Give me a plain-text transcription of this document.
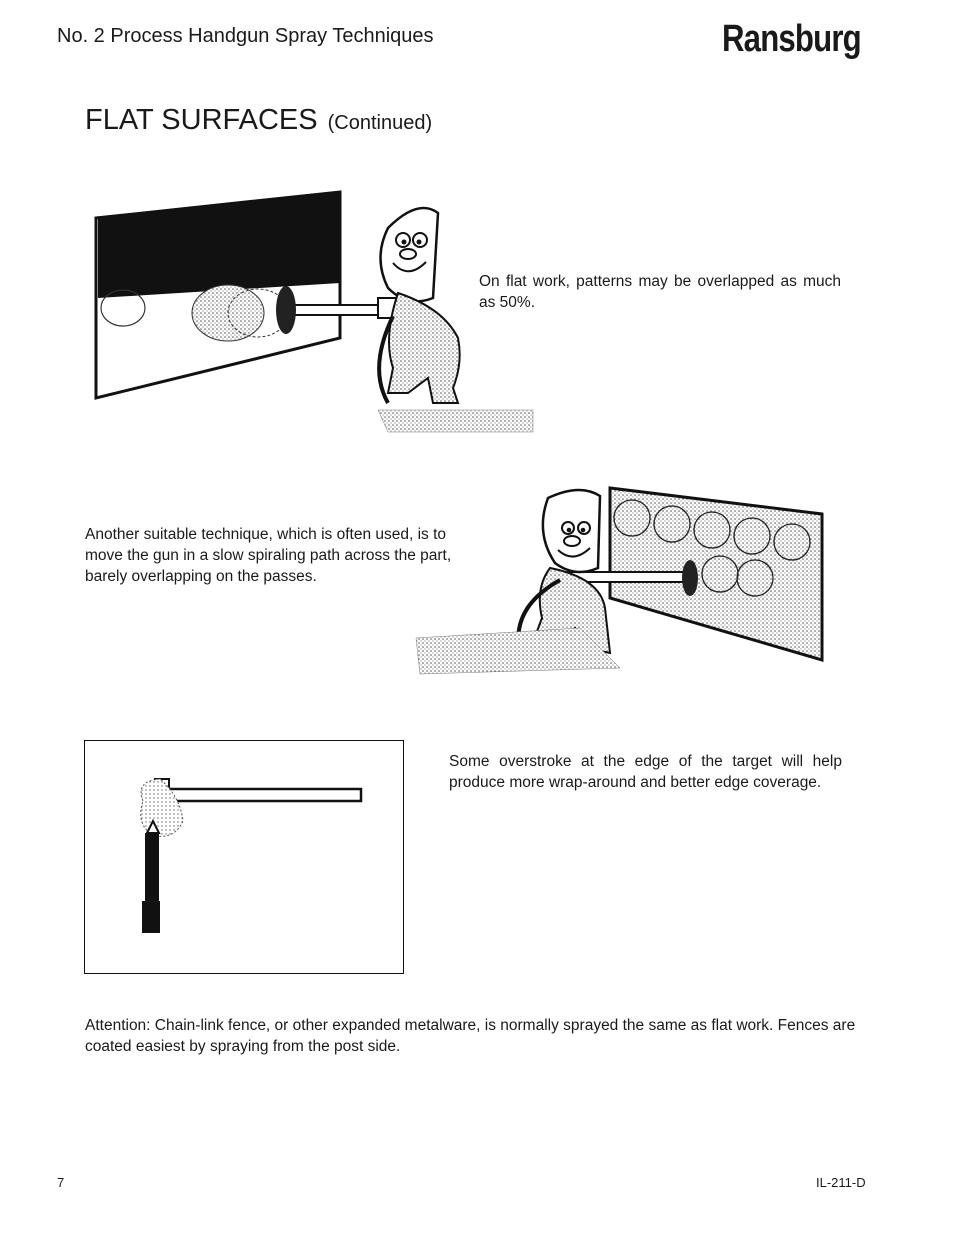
No. 2 Process Handgun Spray Techniques	Ransburg
FLAT SURFACES (Continued)
On flat work, patterns may be overlapped as much as 50%.
Another suitable technique, which is often used, is to move the gun in a slow spiraling path across the part, barely overlapping on the passes.
Some overstroke at the edge of the target will help produce more wrap-around and better edge coverage.
Attention: Chain-link fence, or other expanded metalware, is normally sprayed the same as flat work. Fences are coated easiest by spraying from the post side.
7	IL-211-D
